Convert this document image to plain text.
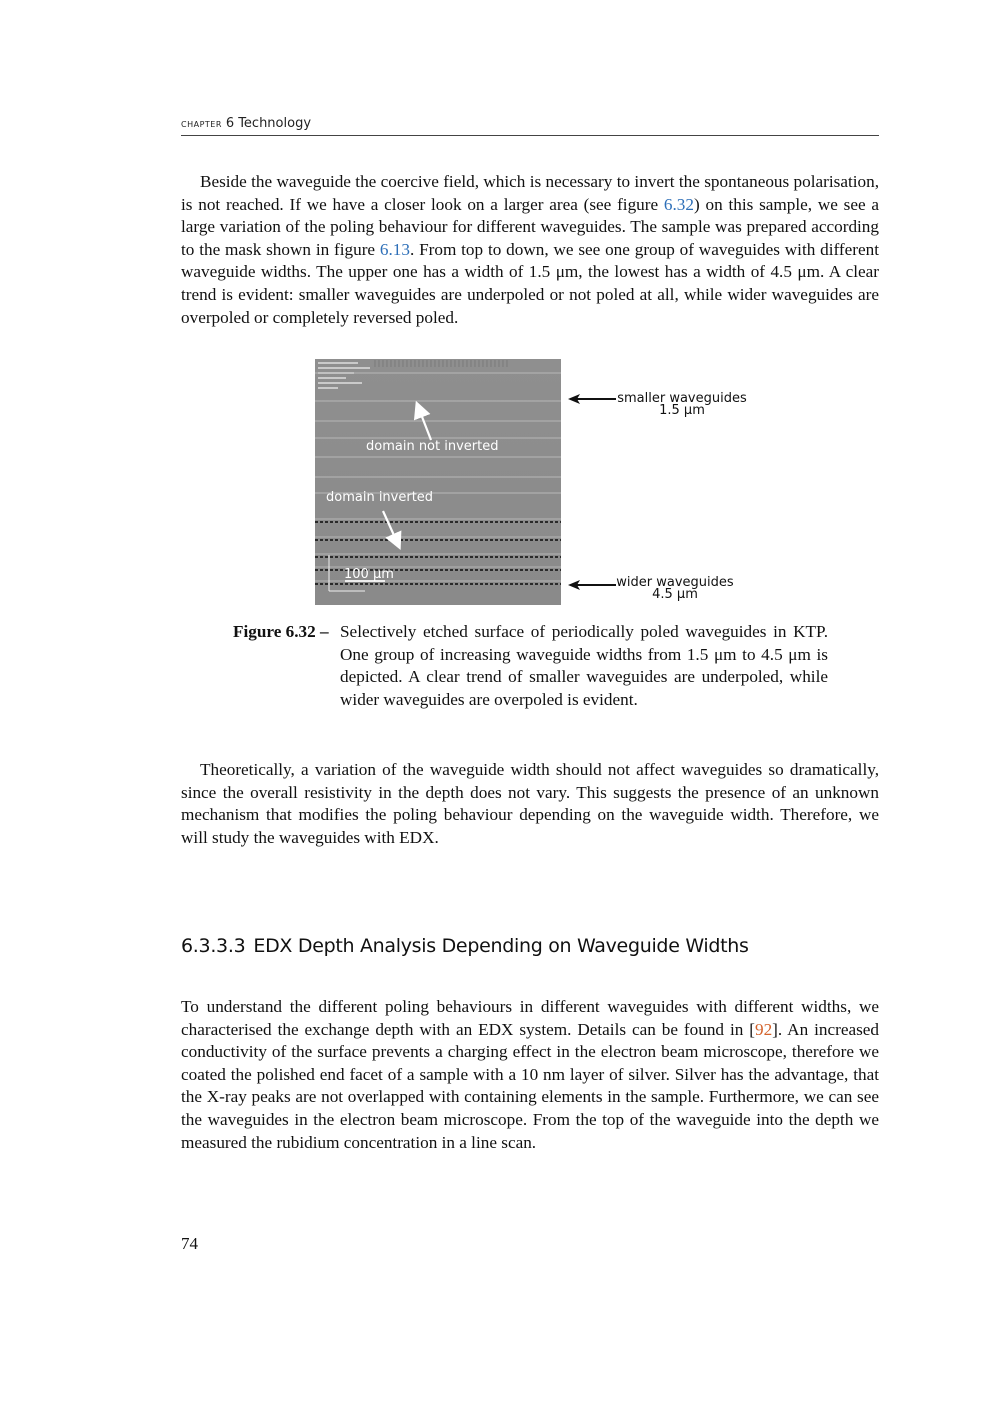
chapter 6 Technology

Beside the waveguide the coercive field, which is necessary to invert the spontaneous polarisation, is not reached. If we have a closer look on a larger area (see figure 6.32) on this sample, we see a large variation of the poling behaviour for different waveguides. The sample was prepared according to the mask shown in figure 6.13. From top to down, we see one group of waveguides with different waveguide widths. The upper one has a width of 1.5 μm, the lowest has a width of 4.5 μm. A clear trend is evident: smaller waveguides are underpoled or not poled at all, while wider waveguides are overpoled or completely reversed poled.

domain not inverted
domain inverted
100 μm
smaller waveguides
1.5 μm
wider waveguides
4.5 μm
Figure 6.32 – Selectively etched surface of periodically poled waveguides in KTP. One group of increasing waveguide widths from 1.5 μm to 4.5 μm is depicted. A clear trend of smaller waveguides are underpoled, while wider waveguides are overpoled is evident.

Theoretically, a variation of the waveguide width should not affect waveguides so dramatically, since the overall resistivity in the depth does not vary. This suggests the presence of an unknown mechanism that modifies the poling behaviour depending on the waveguide width. Therefore, we will study the waveguides with EDX.

6.3.3.3 EDX Depth Analysis Depending on Waveguide Widths

To understand the different poling behaviours in different waveguides with different widths, we characterised the exchange depth with an EDX system. Details can be found in [92]. An increased conductivity of the surface prevents a charging effect in the electron beam microscope, therefore we coated the polished end facet of a sample with a 10 nm layer of silver. Silver has the advantage, that the X-ray peaks are not overlapped with containing elements in the sample. Furthermore, we can see the waveguides in the electron beam microscope. From the top of the waveguide into the depth we measured the rubidium concentration in a line scan.

74
